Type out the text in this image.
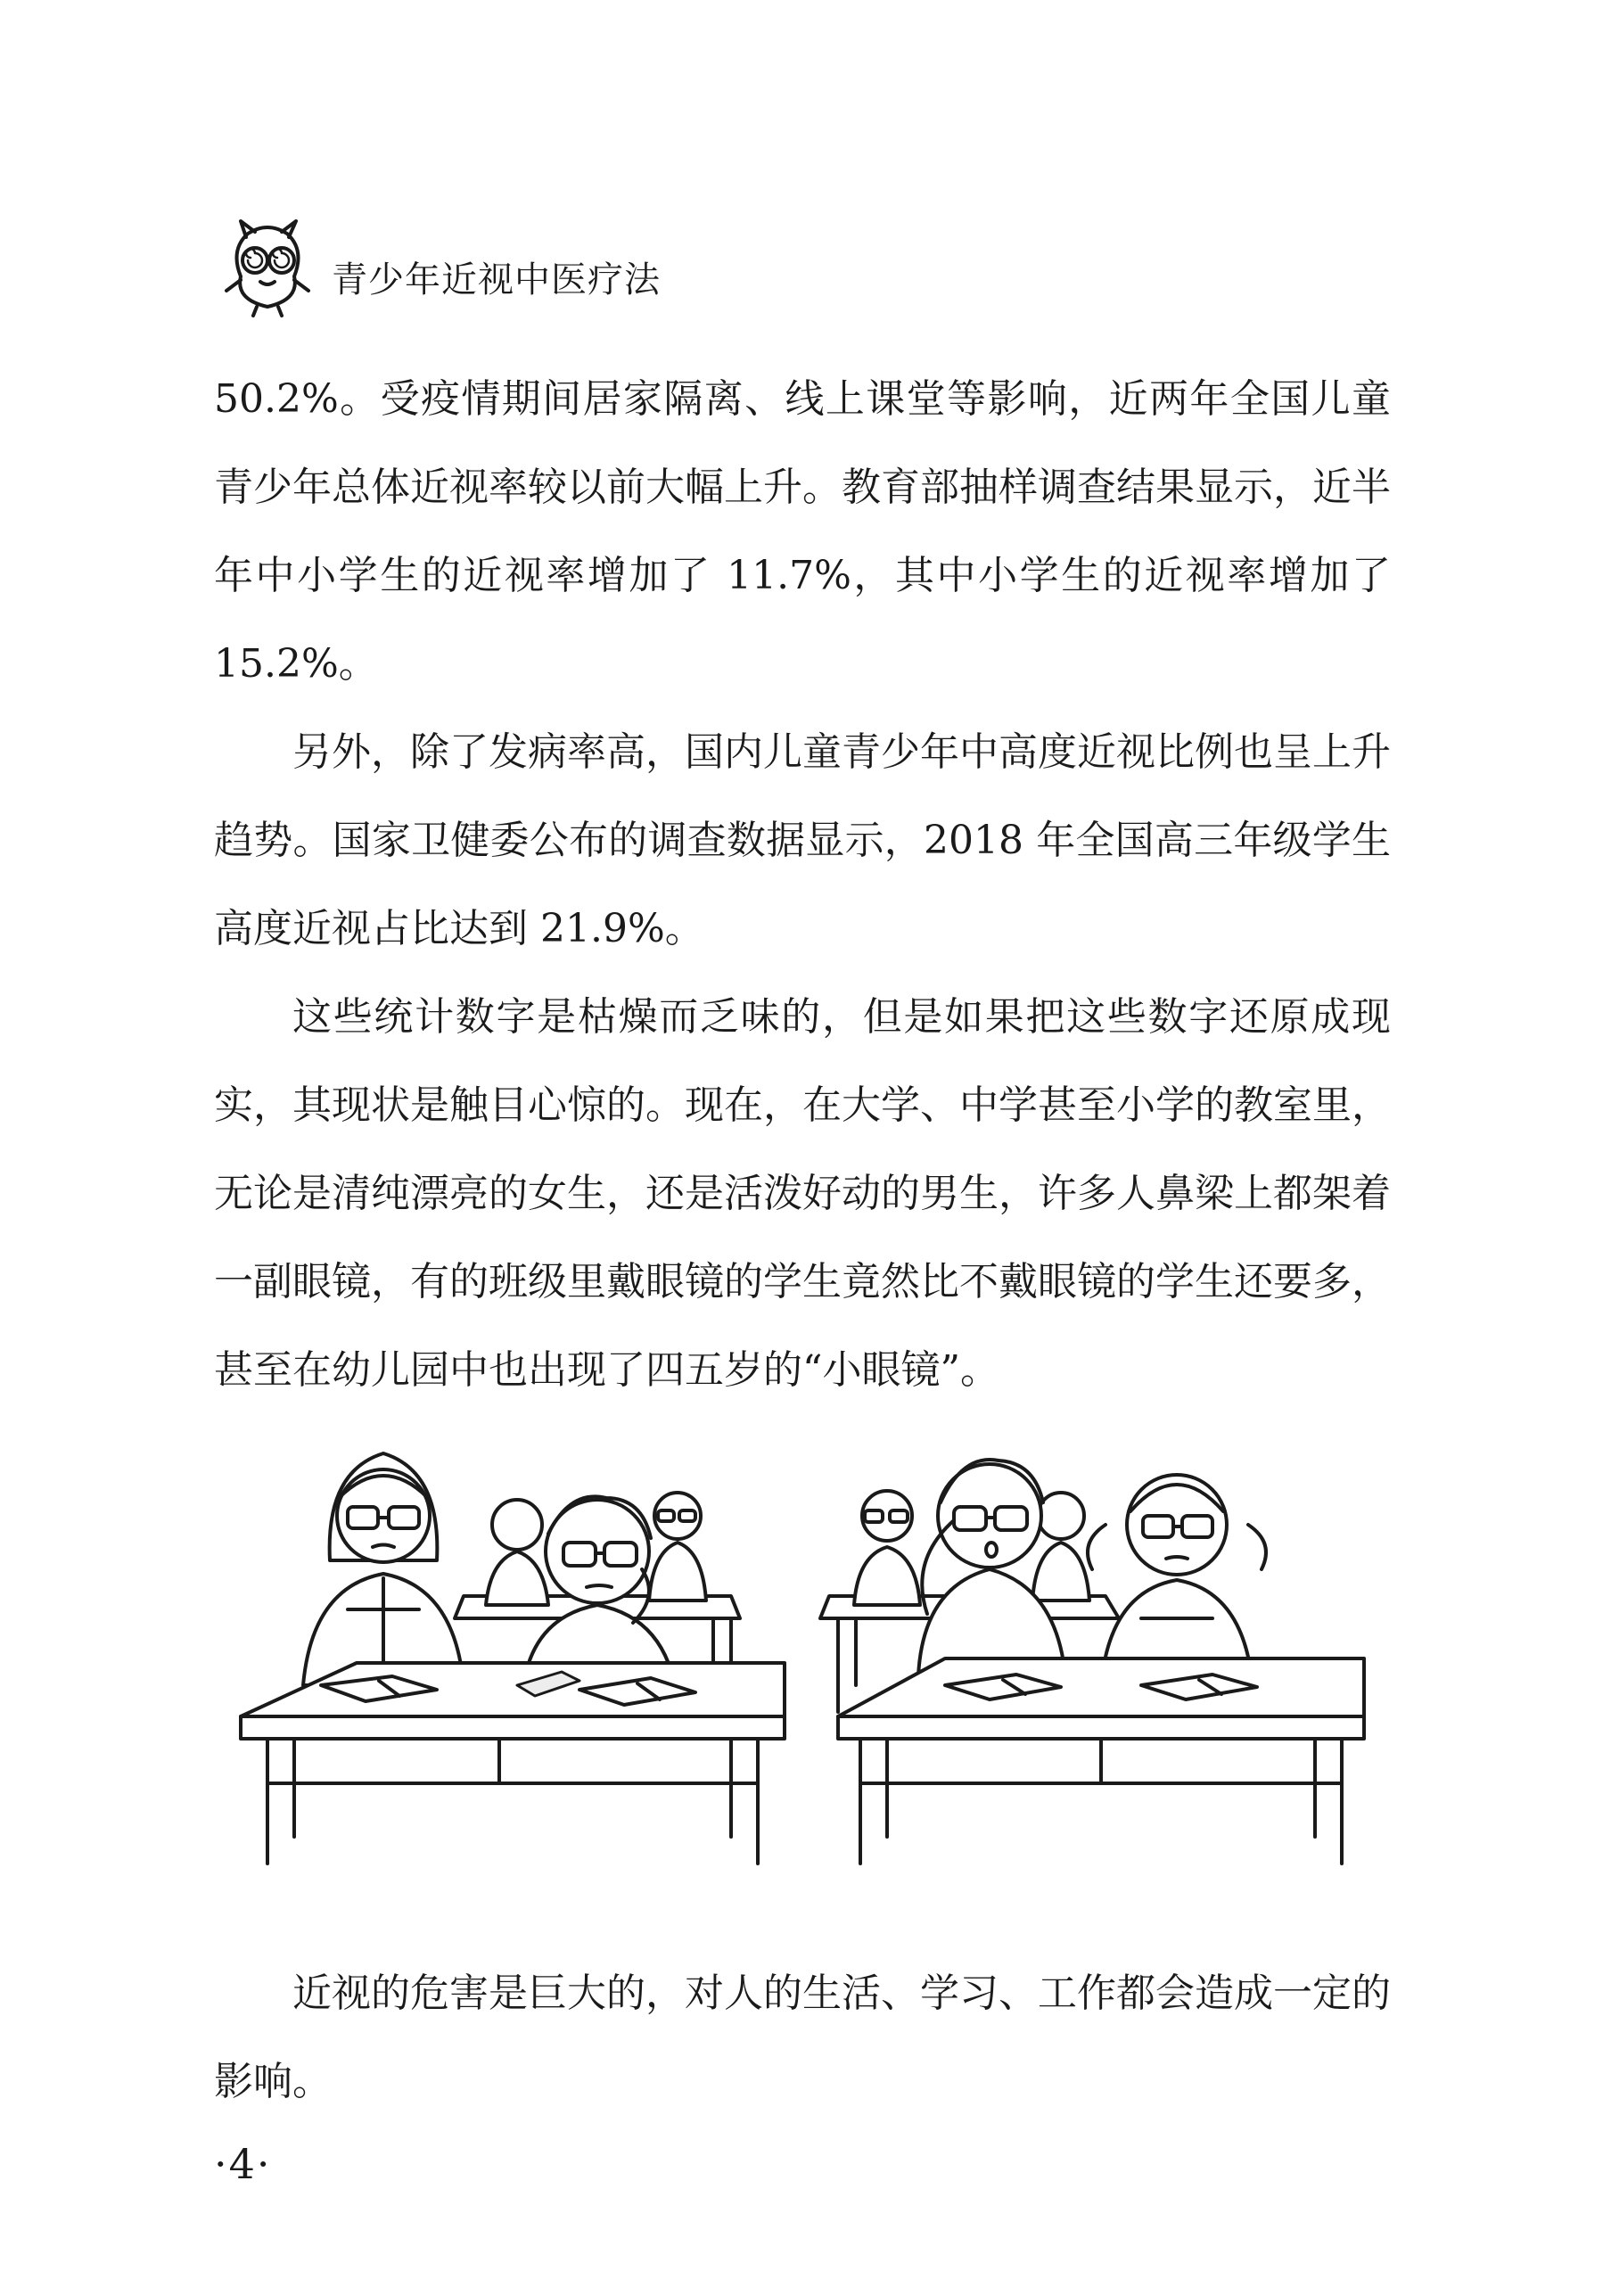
青少年近视中医疗法

50.2%。受疫情期间居家隔离、线上课堂等影响，近两年全国儿童青少年总体近视率较以前大幅上升。教育部抽样调查结果显示，近半年中小学生的近视率增加了 11.7%，其中小学生的近视率增加了 15.2%。

另外，除了发病率高，国内儿童青少年中高度近视比例也呈上升趋势。国家卫健委公布的调查数据显示，2018 年全国高三年级学生高度近视占比达到 21.9%。

这些统计数字是枯燥而乏味的，但是如果把这些数字还原成现实，其现状是触目心惊的。现在，在大学、中学甚至小学的教室里，无论是清纯漂亮的女生，还是活泼好动的男生，许多人鼻梁上都架着一副眼镜，有的班级里戴眼镜的学生竟然比不戴眼镜的学生还要多，甚至在幼儿园中也出现了四五岁的“小眼镜”。

近视的危害是巨大的，对人的生活、学习、工作都会造成一定的影响。

·4·
